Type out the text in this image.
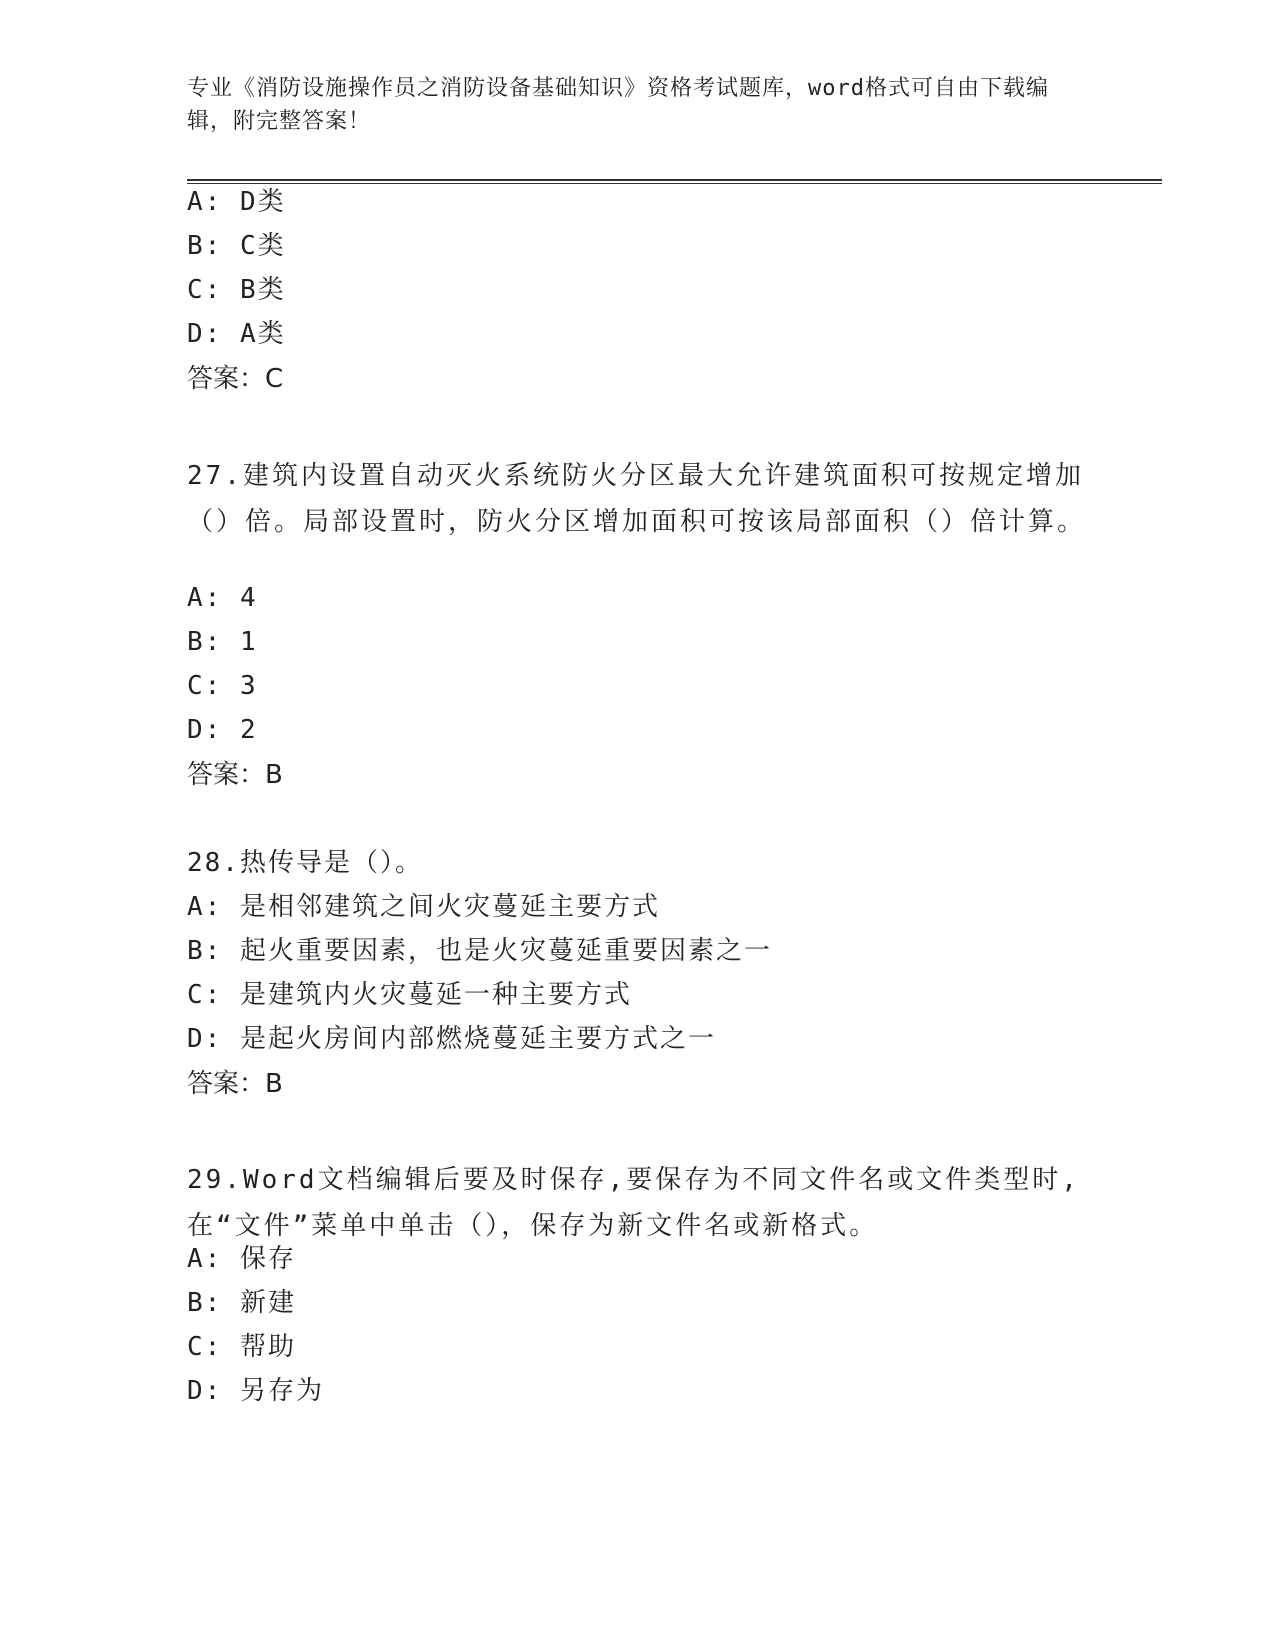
专业《消防设施操作员之消防设备基础知识》资格考试题库，word格式可自由下载编辑，附完整答案！
A: D类
B: C类
C: B类
D: A类
答案：C
27.建筑内设置自动灭火系统防火分区最大允许建筑面积可按规定增加（）倍。局部设置时，防火分区增加面积可按该局部面积（）倍计算。
A: 4
B: 1
C: 3
D: 2
答案：B
28.热传导是（）。
A: 是相邻建筑之间火灾蔓延主要方式
B: 起火重要因素，也是火灾蔓延重要因素之一
C: 是建筑内火灾蔓延一种主要方式
D: 是起火房间内部燃烧蔓延主要方式之一
答案：B
29.Word文档编辑后要及时保存,要保存为不同文件名或文件类型时,在“文件”菜单中单击（），保存为新文件名或新格式。
A: 保存
B: 新建
C: 帮助
D: 另存为
